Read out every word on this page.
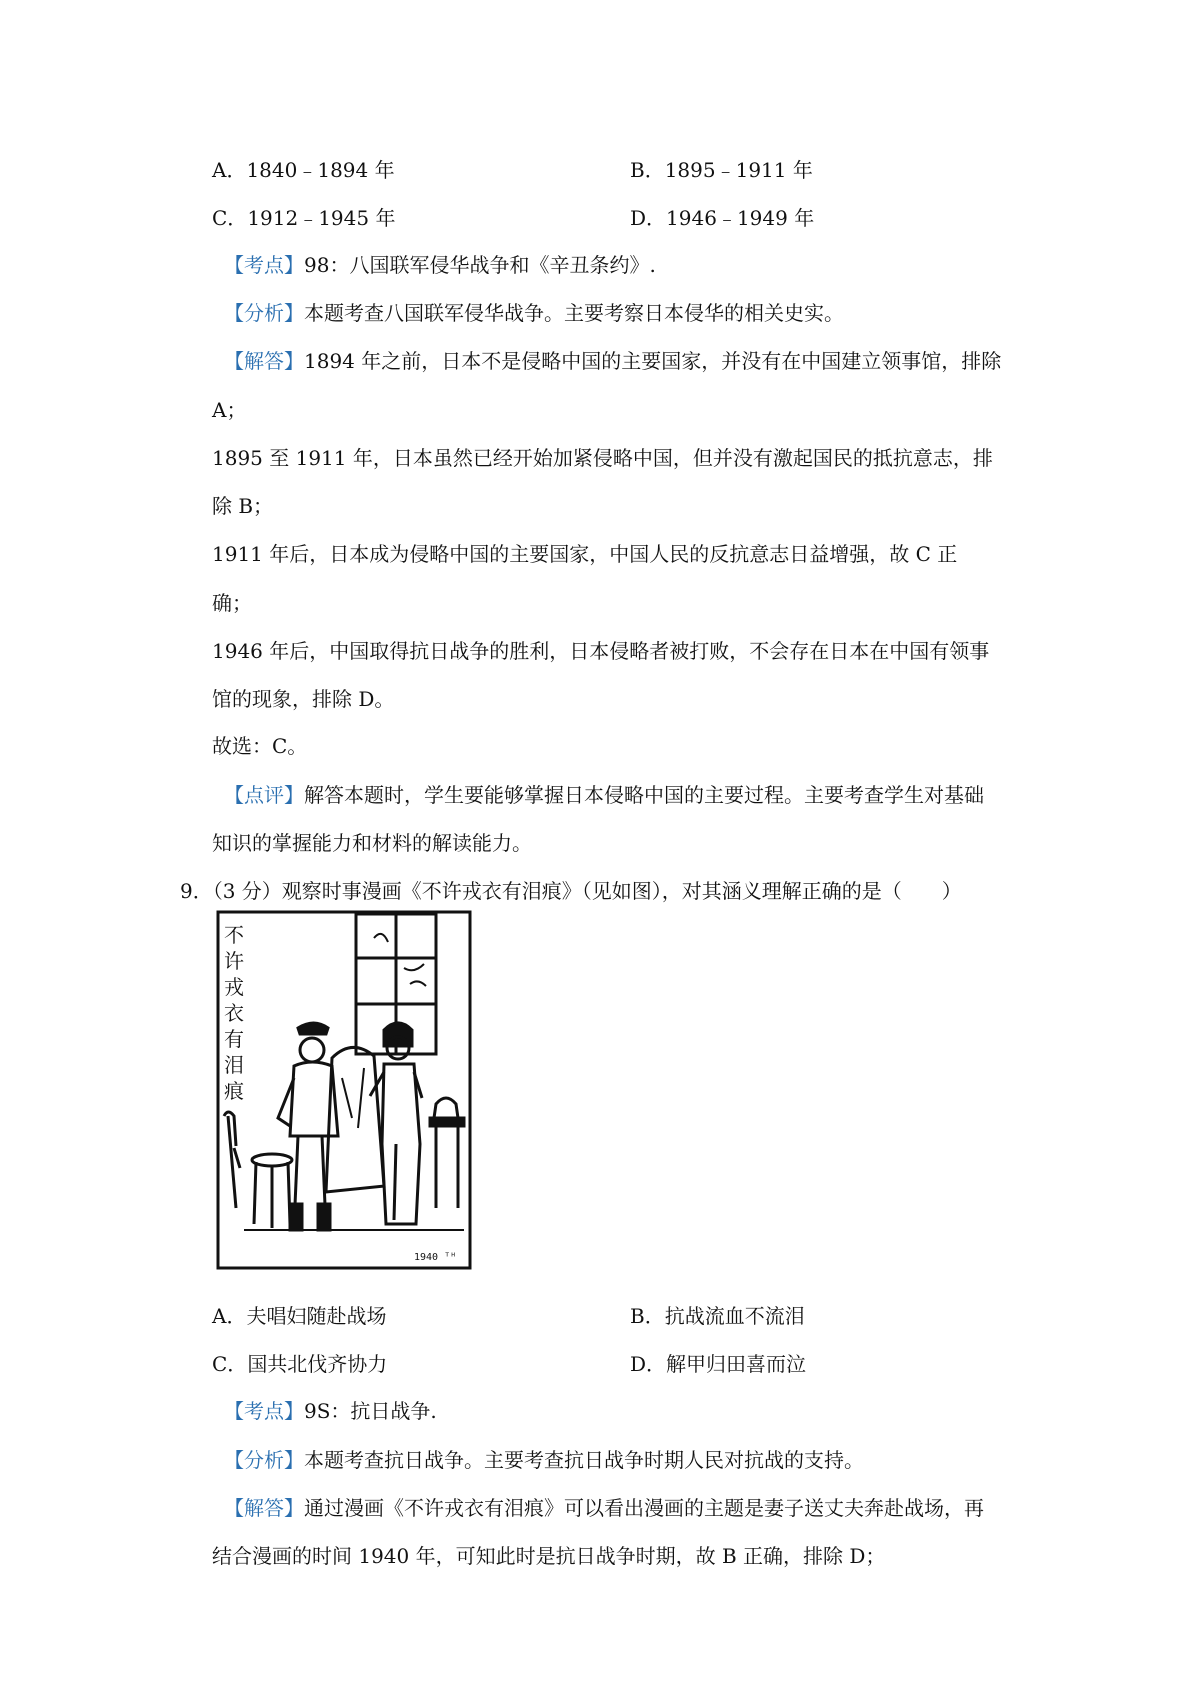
A．1840﹣1894 年	B．1895﹣1911 年
C．1912﹣1945 年	D．1946﹣1949 年
【考点】98：八国联军侵华战争和《辛丑条约》.
【分析】本题考查八国联军侵华战争。主要考察日本侵华的相关史实。
【解答】1894 年之前，日本不是侵略中国的主要国家，并没有在中国建立领事馆，排除
A；
1895 至 1911 年，日本虽然已经开始加紧侵略中国，但并没有激起国民的抵抗意志，排
除 B；
1911 年后，日本成为侵略中国的主要国家，中国人民的反抗意志日益增强，故 C 正
确；
1946 年后，中国取得抗日战争的胜利，日本侵略者被打败，不会存在日本在中国有领事
馆的现象，排除 D。
故选：C。
【点评】解答本题时，学生要能够掌握日本侵略中国的主要过程。主要考查学生对基础
知识的掌握能力和材料的解读能力。
9．（3 分）观察时事漫画《不许戎衣有泪痕》（见如图），对其涵义理解正确的是（　　）
不
许
戎
衣
有
泪
痕
1940 ᵀᴴ
A．夫唱妇随赴战场	B．抗战流血不流泪
C．国共北伐齐协力	D．解甲归田喜而泣
【考点】9S：抗日战争.
【分析】本题考查抗日战争。主要考查抗日战争时期人民对抗战的支持。
【解答】通过漫画《不许戎衣有泪痕》可以看出漫画的主题是妻子送丈夫奔赴战场，再
结合漫画的时间 1940 年，可知此时是抗日战争时期，故 B 正确，排除 D；
